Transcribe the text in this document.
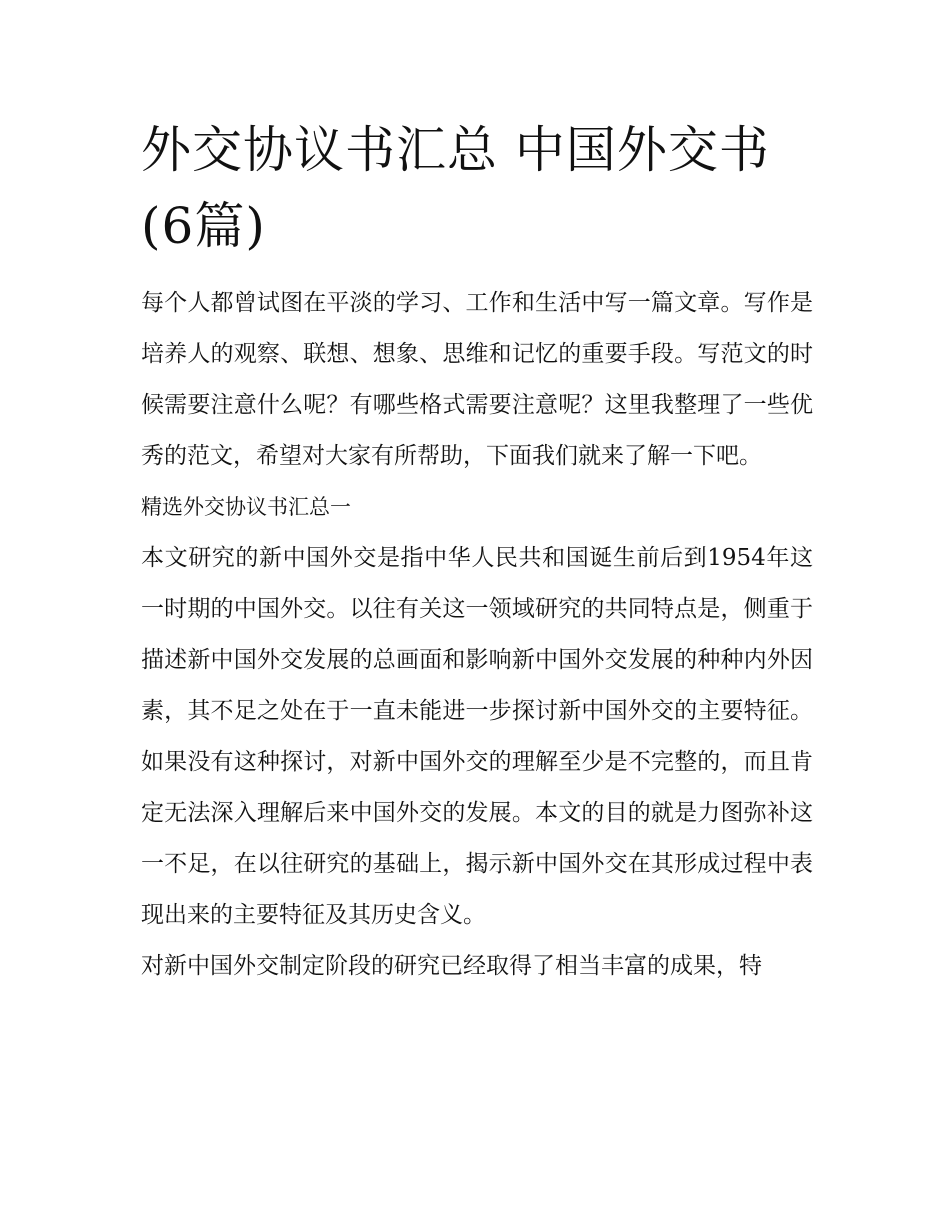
外交协议书汇总 中国外交书(6篇)

每个人都曾试图在平淡的学习、工作和生活中写一篇文章。写作是培养人的观察、联想、想象、思维和记忆的重要手段。写范文的时候需要注意什么呢？有哪些格式需要注意呢？这里我整理了一些优秀的范文，希望对大家有所帮助，下面我们就来了解一下吧。

精选外交协议书汇总一

本文研究的新中国外交是指中华人民共和国诞生前后到1954年这一时期的中国外交。以往有关这一领域研究的共同特点是，侧重于描述新中国外交发展的总画面和影响新中国外交发展的种种内外因素，其不足之处在于一直未能进一步探讨新中国外交的主要特征。如果没有这种探讨，对新中国外交的理解至少是不完整的，而且肯定无法深入理解后来中国外交的发展。本文的目的就是力图弥补这一不足，在以往研究的基础上，揭示新中国外交在其形成过程中表现出来的主要特征及其历史含义。

对新中国外交制定阶段的研究已经取得了相当丰富的成果，特
